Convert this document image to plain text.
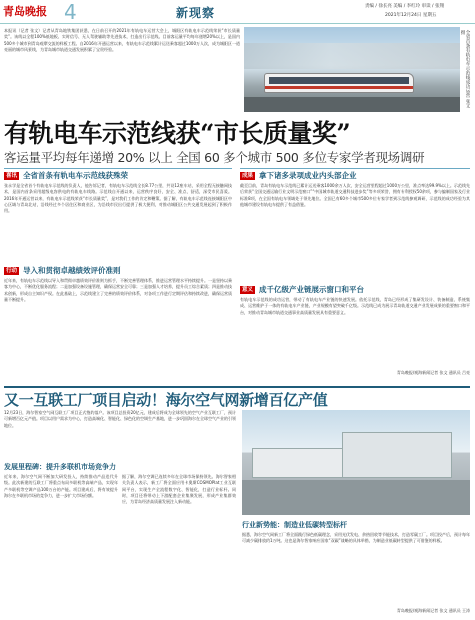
青岛晚报 4	新现察	责编 / 徐长亮 美编 / 李红玲 审读 / 张翔
2021年12月24日 星期五
本报讯（记者 张文）记者从青岛地铁集团获悉，在日前召开的2021年有轨电车运营大会上，城阳区有轨电车示范线荣获“市长质量奖”。该线以全程100%低地板、实时信号、无人驾驶辅助等先进技术，打造出行示范线。目前客运量平均每年递增20%以上，是国内500多个城市到青岛观摩交流的样板工程。自2016年开通运营以来，有轨电车示范线累计运送乘客超过1000万人次，成为城阳区一道亮丽的城市风景线，为青岛城市轨道交通发展积累了宝贵经验。	全省首条有轨电车示范线成功运营 张文 摄
有轨电车示范线获“市长质量奖”
客运量平均每年递增 20% 以上 全国 60 多个城市 500 多位专家学者现场调研
喜讯 全省首条有轨电车示范线获殊荣
张永学是全省首个有轨电车示范线的负责人，他告诉记者，有轨电车示范线全长8.77公里，共设12座车站，采用全程无接触网技术，是国内首条采用超级电容供电的有轨电车线路。示范线自开通以来，运营秩序良好，安全、准点、舒适，深受市民喜爱。2016年开通运营以来，有轨电车示范线荣获“市长质量奖”，是对我们工作的肯定和鞭策。据了解，有轨电车示范线连接城阳区中心区域与青岛北站，沿线经过多个居住区和商业区，为沿线市民出行提供了极大便利，对推动城阳区公共交通发展起到了积极作用。
行动 导入和贯彻卓越绩效评价准则
近年来，有轨电车示范线以导入和贯彻卓越绩效评价准则为抓手，不断完善管理体系，推进运营管理水平持续提升。一是坚持以乘客为中心，不断优化服务流程；二是加强设备设施管理，确保运营安全可靠；三是加强人才培养，提升员工综合素质；四是推动技术创新，形成自主知识产权。在此基础上，示范线建立了完善的绩效评价体系，对各项工作进行定期评估和持续改进，确保运营质量不断提升。
成果 拿下诸多录项成业内头部企业
截至目前，青岛有轨电车示范线已累计运送乘客1000余万人次，安全运营里程超过1000万公里，准点率达99.9%以上。示范线先后荣获“全国交通运输行业文明示范窗口”“中国城市轨道交通科技进步奖”等多项荣誉，拥有专利授权50余项，参与编制国家及行业标准8项，在全国有轨电车领域处于领先地位。全国已有60多个城市500多位专家学者到示范线参观调研，示范线的成功经验为其他城市建设有轨电车提供了有益借鉴。
意义 成千亿级产业链展示窗口和平台
有轨电车示范线的成功运营，带动了有轨电车产业链的快速发展。依托示范线，青岛已经形成了集研发设计、装备制造、系统集成、运营维护于一体的有轨电车产业链，产业规模有望突破千亿级。示范线已成为展示青岛轨道交通产业发展成果的重要窗口和平台，对推动青岛城市轨道交通事业高质量发展具有重要意义。
青岛晚报/观海新闻记者 张文 通讯员 吕亮
又一互联工厂项目启动！海尔空气网新增百亿产值
12月23日，海尔智家空气网互联工厂项目正式签约落户。该项目总投资20亿元，建成后将成为全球领先的空气产业互联工厂，预计可新增百亿元产值。项目以用户需求为中心，打造高端化、智能化、绿色化的空调生产基地，进一步巩固海尔在全球空气产业的引领地位。
发展里程碑：提升多联机市场竞争力
近年来，海尔空气网不断加大研发投入，持续推动产品迭代升级。此次新建的互联工厂将重点布局多联机等高端产品，实现年产多联机等空调产品100万台的产能。项目建成后，将有效提升海尔在多联机市场的竞争力，进一步扩大市场份额。
据了解，海尔空调已连续多年在全球市场保持领先。海尔智家相关负责人表示，新工厂将全面应用卡奥斯COSMOPlat工业互联网平台，实现生产全流程数字化、智能化，打造行业标杆。同时，项目还将带动上下游配套企业集聚发展，形成产业集群效应，为青岛经济高质量发展注入新动能。
行业新势能：制造业低碳转型标杆
据悉，海尔空气网新工厂将全面践行绿色低碳理念，采用光伏发电、余热回收等节能技术，打造零碳工厂。项目投产后，预计每年可减少碳排放约1万吨。这也是海尔智家响应国家“双碳”战略的具体举措，为制造业低碳转型提供了可借鉴的样板。
青岛晚报/观海新闻记者 张文 通讯员 王涛
